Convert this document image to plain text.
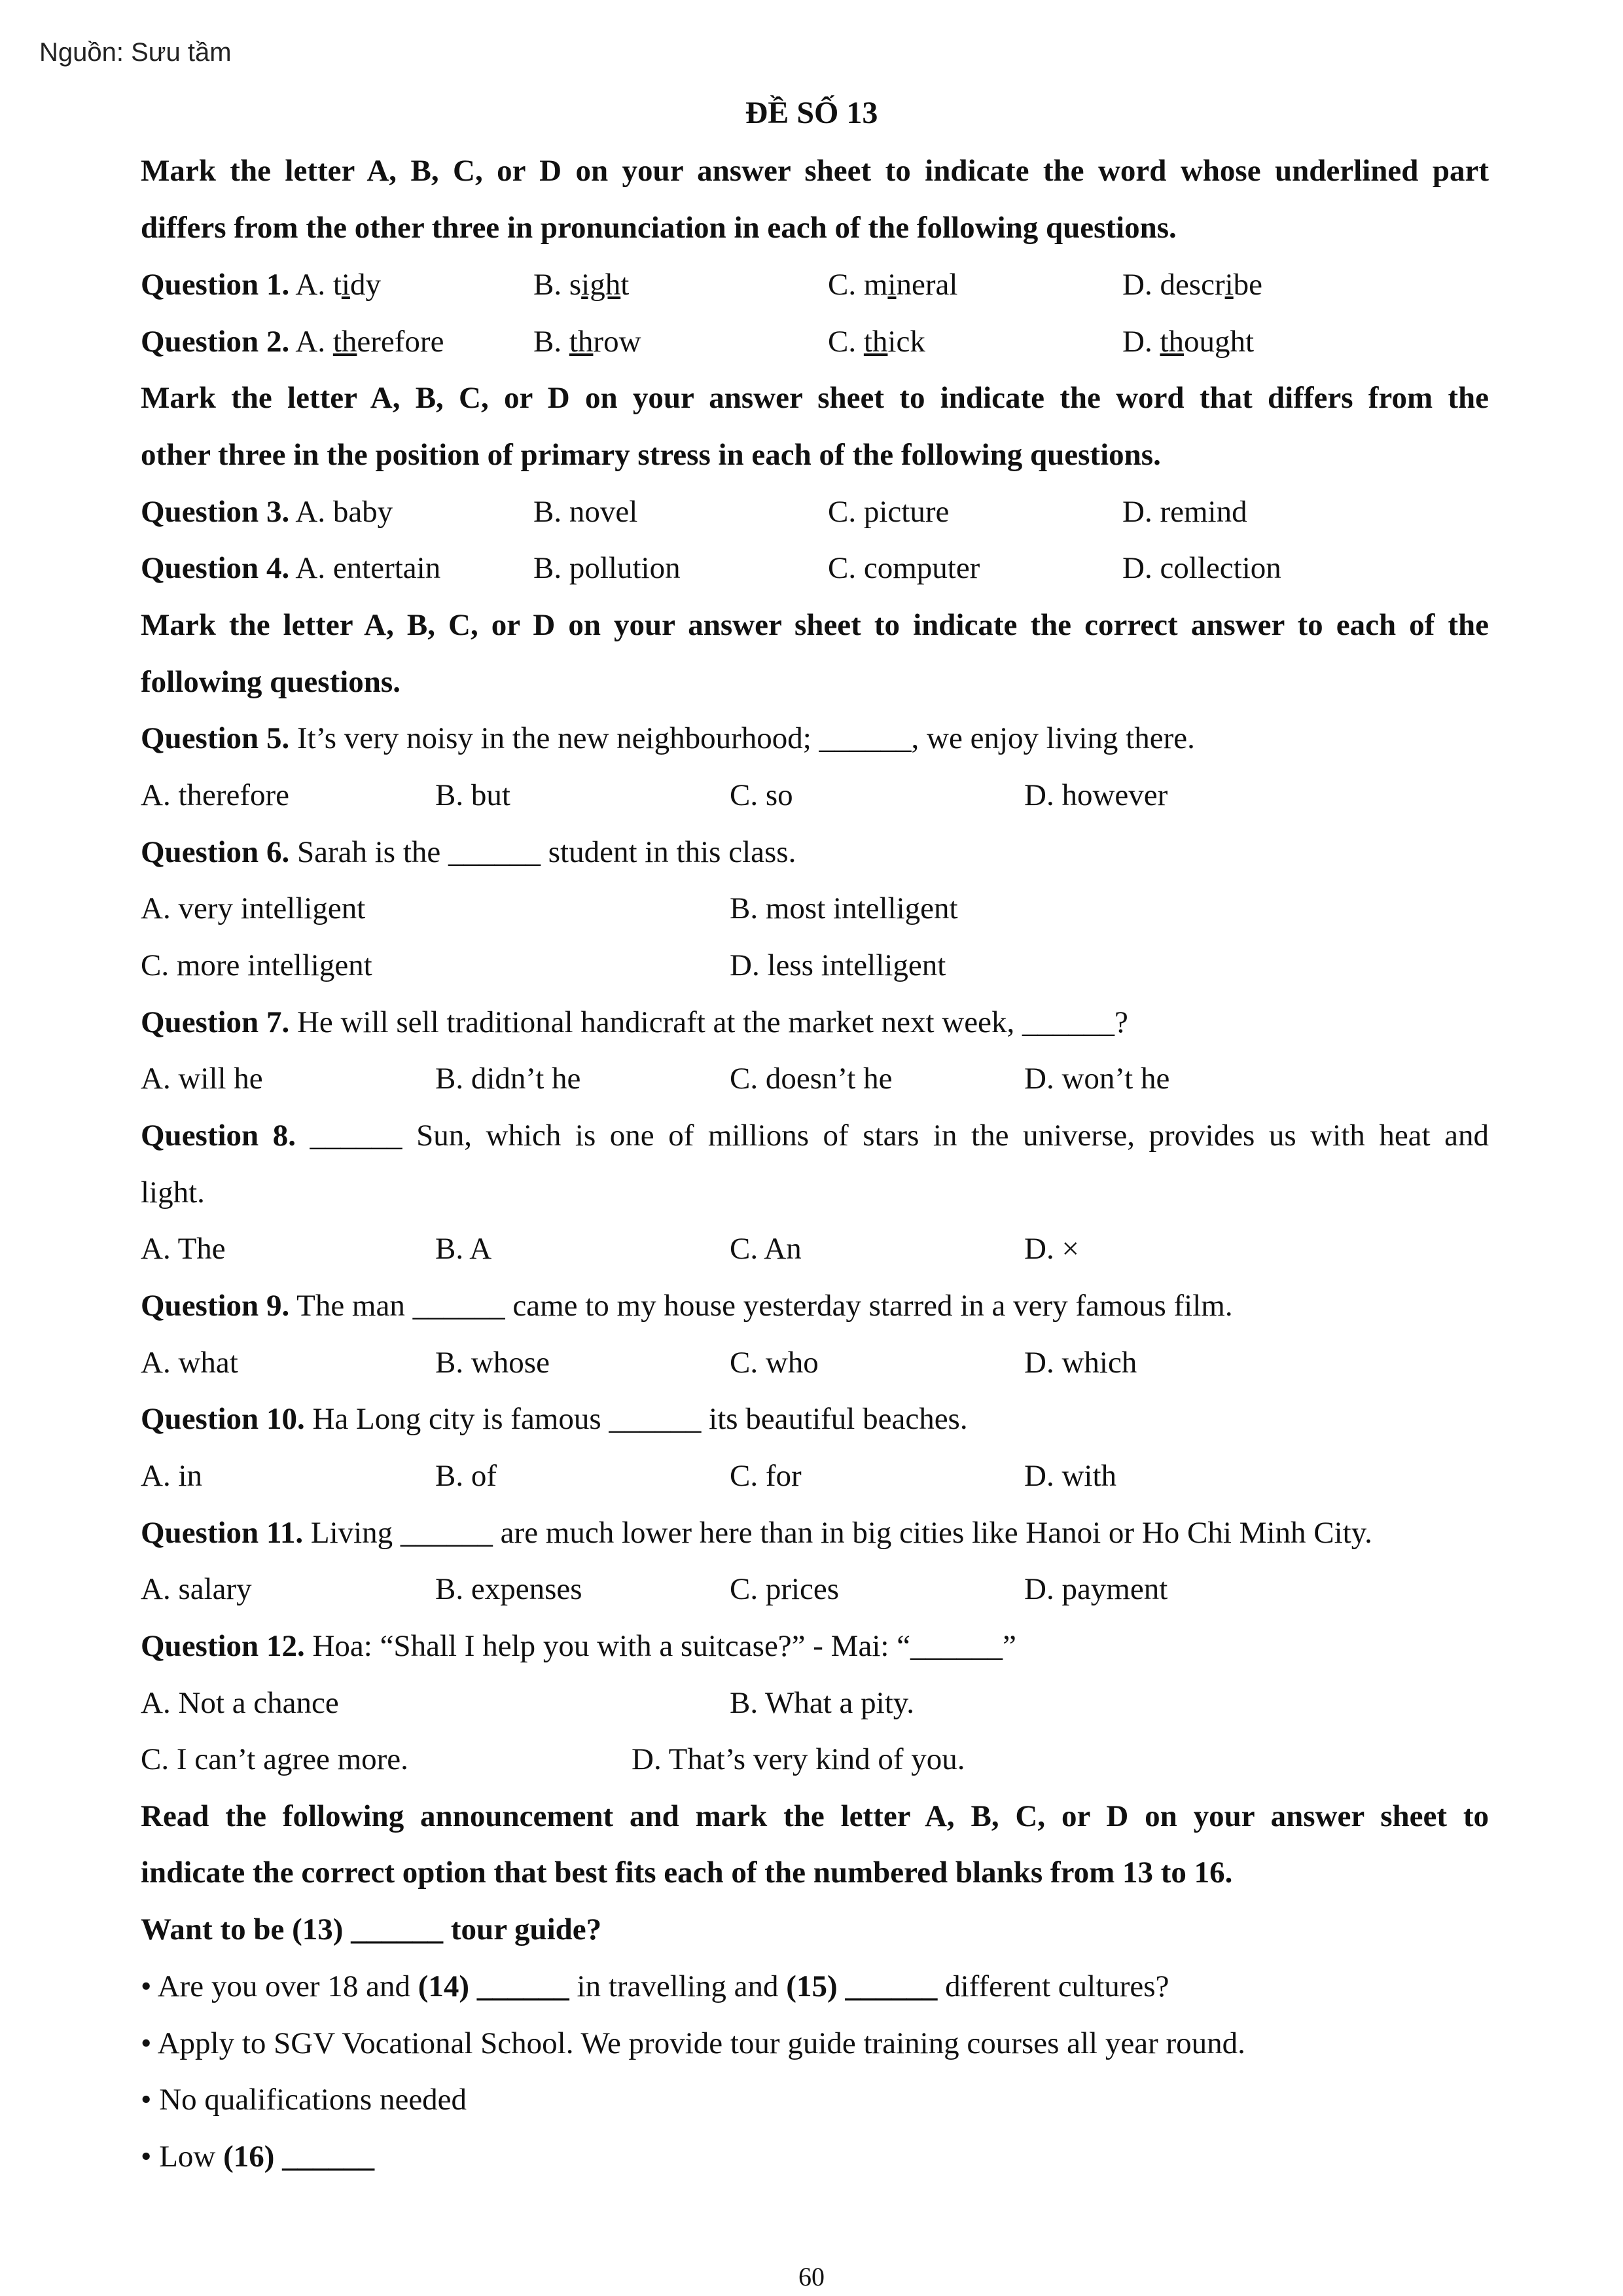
Nguồn: Sưu tầm
ĐỀ SỐ 13
Mark the letter A, B, C, or D on your answer sheet to indicate the word whose underlined part
differs from the other three in pronunciation in each of the following questions.
Question 1. A. tidy	B. sight	C. mineral	D. describe
Question 2. A. therefore	B. throw	C. thick	D. thought
Mark the letter A, B, C, or D on your answer sheet to indicate the word that differs from the
other three in the position of primary stress in each of the following questions.
Question 3. A. baby	B. novel	C. picture	D. remind
Question 4. A. entertain	B. pollution	C. computer	D. collection
Mark the letter A, B, C, or D on your answer sheet to indicate the correct answer to each of the
following questions.
Question 5. It’s very noisy in the new neighbourhood; ______, we enjoy living there.
A. therefore	B. but	C. so	D. however
Question 6. Sarah is the ______ student in this class.
A. very intelligent	B. most intelligent
C. more intelligent	D. less intelligent
Question 7. He will sell traditional handicraft at the market next week, ______?
A. will he	B. didn’t he	C. doesn’t he	D. won’t he
Question 8. ______ Sun, which is one of millions of stars in the universe, provides us with heat and
light.
A. The	B. A	C. An	D. ×
Question 9. The man ______ came to my house yesterday starred in a very famous film.
A. what	B. whose	C. who	D. which
Question 10. Ha Long city is famous ______ its beautiful beaches.
A. in	B. of	C. for	D. with
Question 11. Living ______ are much lower here than in big cities like Hanoi or Ho Chi Minh City.
A. salary	B. expenses	C. prices	D. payment
Question 12. Hoa: “Shall I help you with a suitcase?” - Mai: “______”
A. Not a chance	B. What a pity.
C. I can’t agree more.	D. That’s very kind of you.
Read the following announcement and mark the letter A, B, C, or D on your answer sheet to
indicate the correct option that best fits each of the numbered blanks from 13 to 16.
Want to be (13) ______ tour guide?
• Are you over 18 and (14) ______ in travelling and (15) ______ different cultures?
• Apply to SGV Vocational School. We provide tour guide training courses all year round.
• No qualifications needed
• Low (16) ______
60
